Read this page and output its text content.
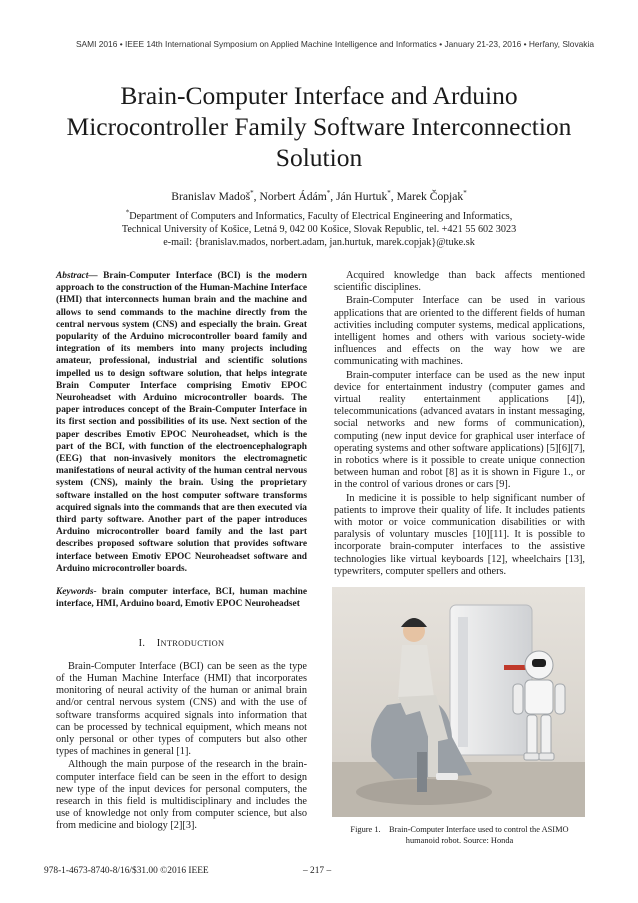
SAMI 2016 • IEEE 14th International Symposium on Applied Machine Intelligence and Informatics • January 21-23, 2016 • Herľany, Slovakia
Brain-Computer Interface and Arduino
Microcontroller Family Software Interconnection
Solution
Branislav Madoš*, Norbert Ádám*, Ján Hurtuk*, Marek Čopjak*
*Department of Computers and Informatics, Faculty of Electrical Engineering and Informatics,
Technical University of Košice, Letná 9, 042 00 Košice, Slovak Republic, tel. +421 55 602 3023
e-mail: {branislav.mados, norbert.adam, jan.hurtuk, marek.copjak}@tuke.sk

Abstract— Brain-Computer Interface (BCI) is the modern approach to the construction of the Human-Machine Interface (HMI) that interconnects human brain and the machine and allows to send commands to the machine directly from the central nervous system (CNS) and especially the brain. Great popularity of the Arduino microcontroller board family and integration of its members into many projects including amateur, professional, industrial and scientific solutions impelled us to design software solution, that helps integrate Brain Computer Interface comprising Emotiv EPOC Neuroheadset with Arduino microcontroller boards. The paper introduces concept of the Brain-Computer Interface in its first section and possibilities of its use. Next section of the paper describes Emotiv EPOC Neuroheadset, which is the part of the BCI, with function of the electroencephalograph (EEG) that non-invasively monitors the electromagnetic manifestations of neural activity of the human central nervous system (CNS), mainly the brain. Using the proprietary software installed on the host computer software transforms acquired signals into the commands that are then executed via third party software. Another part of the paper introduces Arduino microcontroller board family and the last part describes proposed software solution that provides software interface between Emotiv EPOC Neuroheadset software and Arduino microcontroller boards.

Keywords- brain computer interface, BCI, human machine interface, HMI, Arduino board, Emotiv EPOC Neuroheadset

I. INTRODUCTION

Brain-Computer Interface (BCI) can be seen as the type of the Human Machine Interface (HMI) that incorporates monitoring of neural activity of the human or animal brain and/or central nervous system (CNS) and with the use of software transforms acquired signals into information that can be processed by technical equipment, which means not only personal or other types of computers but also other types of machines in general [1].

Although the main purpose of the research in the brain-computer interface field can be seen in the effort to design new type of the input devices for personal computers, the research in this field is multidisciplinary and includes the use of knowledge not only from computer science, but also from medicine and biology [2][3].

Acquired knowledge than back affects mentioned scientific disciplines.

Brain-Computer Interface can be used in various applications that are oriented to the different fields of human activities including computer systems, medical applications, intelligent homes and others with various society-wide influences and effects on the way how we are communicating with machines.

Brain-computer interface can be used as the new input device for entertainment industry (computer games and virtual reality entertainment applications [4]), telecommunications (advanced avatars in instant messaging, social networks and new forms of communication), computing (new input device for graphical user interface of operating systems and other software applications) [5][6][7], in robotics where is it possible to create unique connection between human and robot [8] as it is shown in Figure 1., or in the control of various drones or cars [9].

In medicine it is possible to help significant number of patients to improve their quality of life. It includes patients with motor or voice communication disabilities or with paralysis of voluntary muscles [10][11]. It is possible to incorporate brain-computer interfaces to the assistive technologies like virtual keyboards [12], wheelchairs [13], typewriters, computer spellers and others.

Figure 1.    Brain-Computer Interface used to control the ASIMO
humanoid robot. Source: Honda
978-1-4673-8740-8/16/$31.00 ©2016 IEEE	– 217 –
